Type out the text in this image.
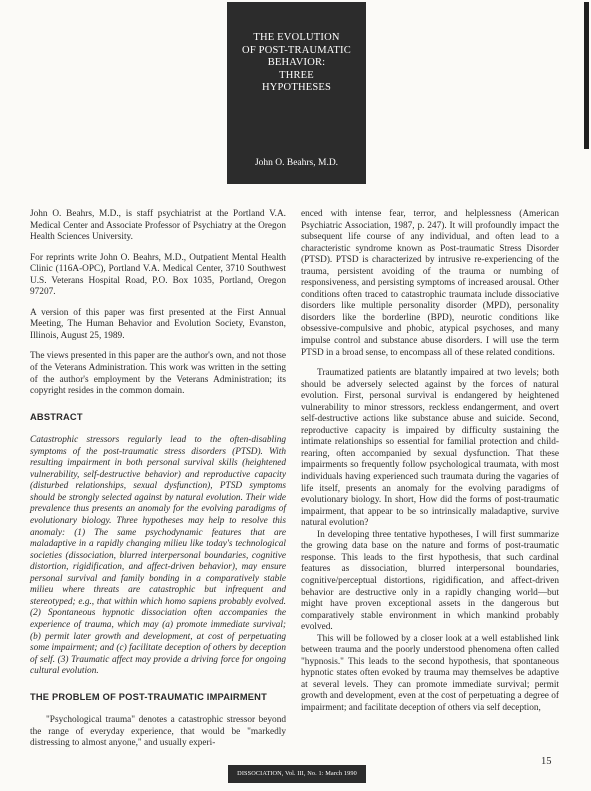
THE EVOLUTION
OF POST-TRAUMATIC
BEHAVIOR:
THREE
HYPOTHESES
John O. Beahrs, M.D.

John O. Beahrs, M.D., is staff psychiatrist at the Portland V.A. Medical Center and Associate Professor of Psychiatry at the Oregon Health Sciences University.

For reprints write John O. Beahrs, M.D., Outpatient Mental Health Clinic (116A-OPC), Portland V.A. Medical Center, 3710 Southwest U.S. Veterans Hospital Road, P.O. Box 1035, Portland, Oregon 97207.

A version of this paper was first presented at the First Annual Meeting, The Human Behavior and Evolution Society, Evanston, Illinois, August 25, 1989.

The views presented in this paper are the author's own, and not those of the Veterans Administration. This work was written in the setting of the author's employment by the Veterans Administration; its copyright resides in the common domain.

ABSTRACT

Catastrophic stressors regularly lead to the often-disabling symptoms of the post-traumatic stress disorders (PTSD). With resulting impairment in both personal survival skills (heightened vulnerability, self-destructive behavior) and reproductive capacity (disturbed relationships, sexual dysfunction), PTSD symptoms should be strongly selected against by natural evolution. Their wide prevalence thus presents an anomaly for the evolving paradigms of evolutionary biology. Three hypotheses may help to resolve this anomaly: (1) The same psychodynamic features that are maladaptive in a rapidly changing milieu like today's technological societies (dissociation, blurred interpersonal boundaries, cognitive distortion, rigidification, and affect-driven behavior), may ensure personal survival and family bonding in a comparatively stable milieu where threats are catastrophic but infrequent and stereotyped; e.g., that within which homo sapiens probably evolved. (2) Spontaneous hypnotic dissociation often accompanies the experience of trauma, which may (a) promote immediate survival; (b) permit later growth and development, at cost of perpetuating some impairment; and (c) facilitate deception of others by deception of self. (3) Traumatic affect may provide a driving force for ongoing cultural evolution.

THE PROBLEM OF POST-TRAUMATIC IMPAIRMENT

"Psychological trauma" denotes a catastrophic stressor beyond the range of everyday experience, that would be "markedly distressing to almost anyone," and usually experi-

enced with intense fear, terror, and helplessness (American Psychiatric Association, 1987, p. 247). It will profoundly impact the subsequent life course of any individual, and often lead to a characteristic syndrome known as Post-traumatic Stress Disorder (PTSD). PTSD is characterized by intrusive re-experiencing of the trauma, persistent avoiding of the trauma or numbing of responsiveness, and persisting symptoms of increased arousal. Other conditions often traced to catastrophic traumata include dissociative disorders like multiple personality disorder (MPD), personality disorders like the borderline (BPD), neurotic conditions like obsessive-compulsive and phobic, atypical psychoses, and many impulse control and substance abuse disorders. I will use the term PTSD in a broad sense, to encompass all of these related conditions.

Traumatized patients are blatantly impaired at two levels; both should be adversely selected against by the forces of natural evolution. First, personal survival is endangered by heightened vulnerability to minor stressors, reckless endangerment, and overt self-destructive actions like substance abuse and suicide. Second, reproductive capacity is impaired by difficulty sustaining the intimate relationships so essential for familial protection and child-rearing, often accompanied by sexual dysfunction. That these impairments so frequently follow psychological traumata, with most individuals having experienced such traumata during the vagaries of life itself, presents an anomaly for the evolving paradigms of evolutionary biology. In short, How did the forms of post-traumatic impairment, that appear to be so intrinsically maladaptive, survive natural evolution?

In developing three tentative hypotheses, I will first summarize the growing data base on the nature and forms of post-traumatic response. This leads to the first hypothesis, that such cardinal features as dissociation, blurred interpersonal boundaries, cognitive/perceptual distortions, rigidification, and affect-driven behavior are destructive only in a rapidly changing world—but might have proven exceptional assets in the dangerous but comparatively stable environment in which mankind probably evolved.

This will be followed by a closer look at a well established link between trauma and the poorly understood phenomena often called "hypnosis." This leads to the second hypothesis, that spontaneous hypnotic states often evoked by trauma may themselves be adaptive at several levels. They can promote immediate survival; permit growth and development, even at the cost of perpetuating a degree of impairment; and facilitate deception of others via self deception,

DISSOCIATION, Vol. III, No. 1: March 1990
15
